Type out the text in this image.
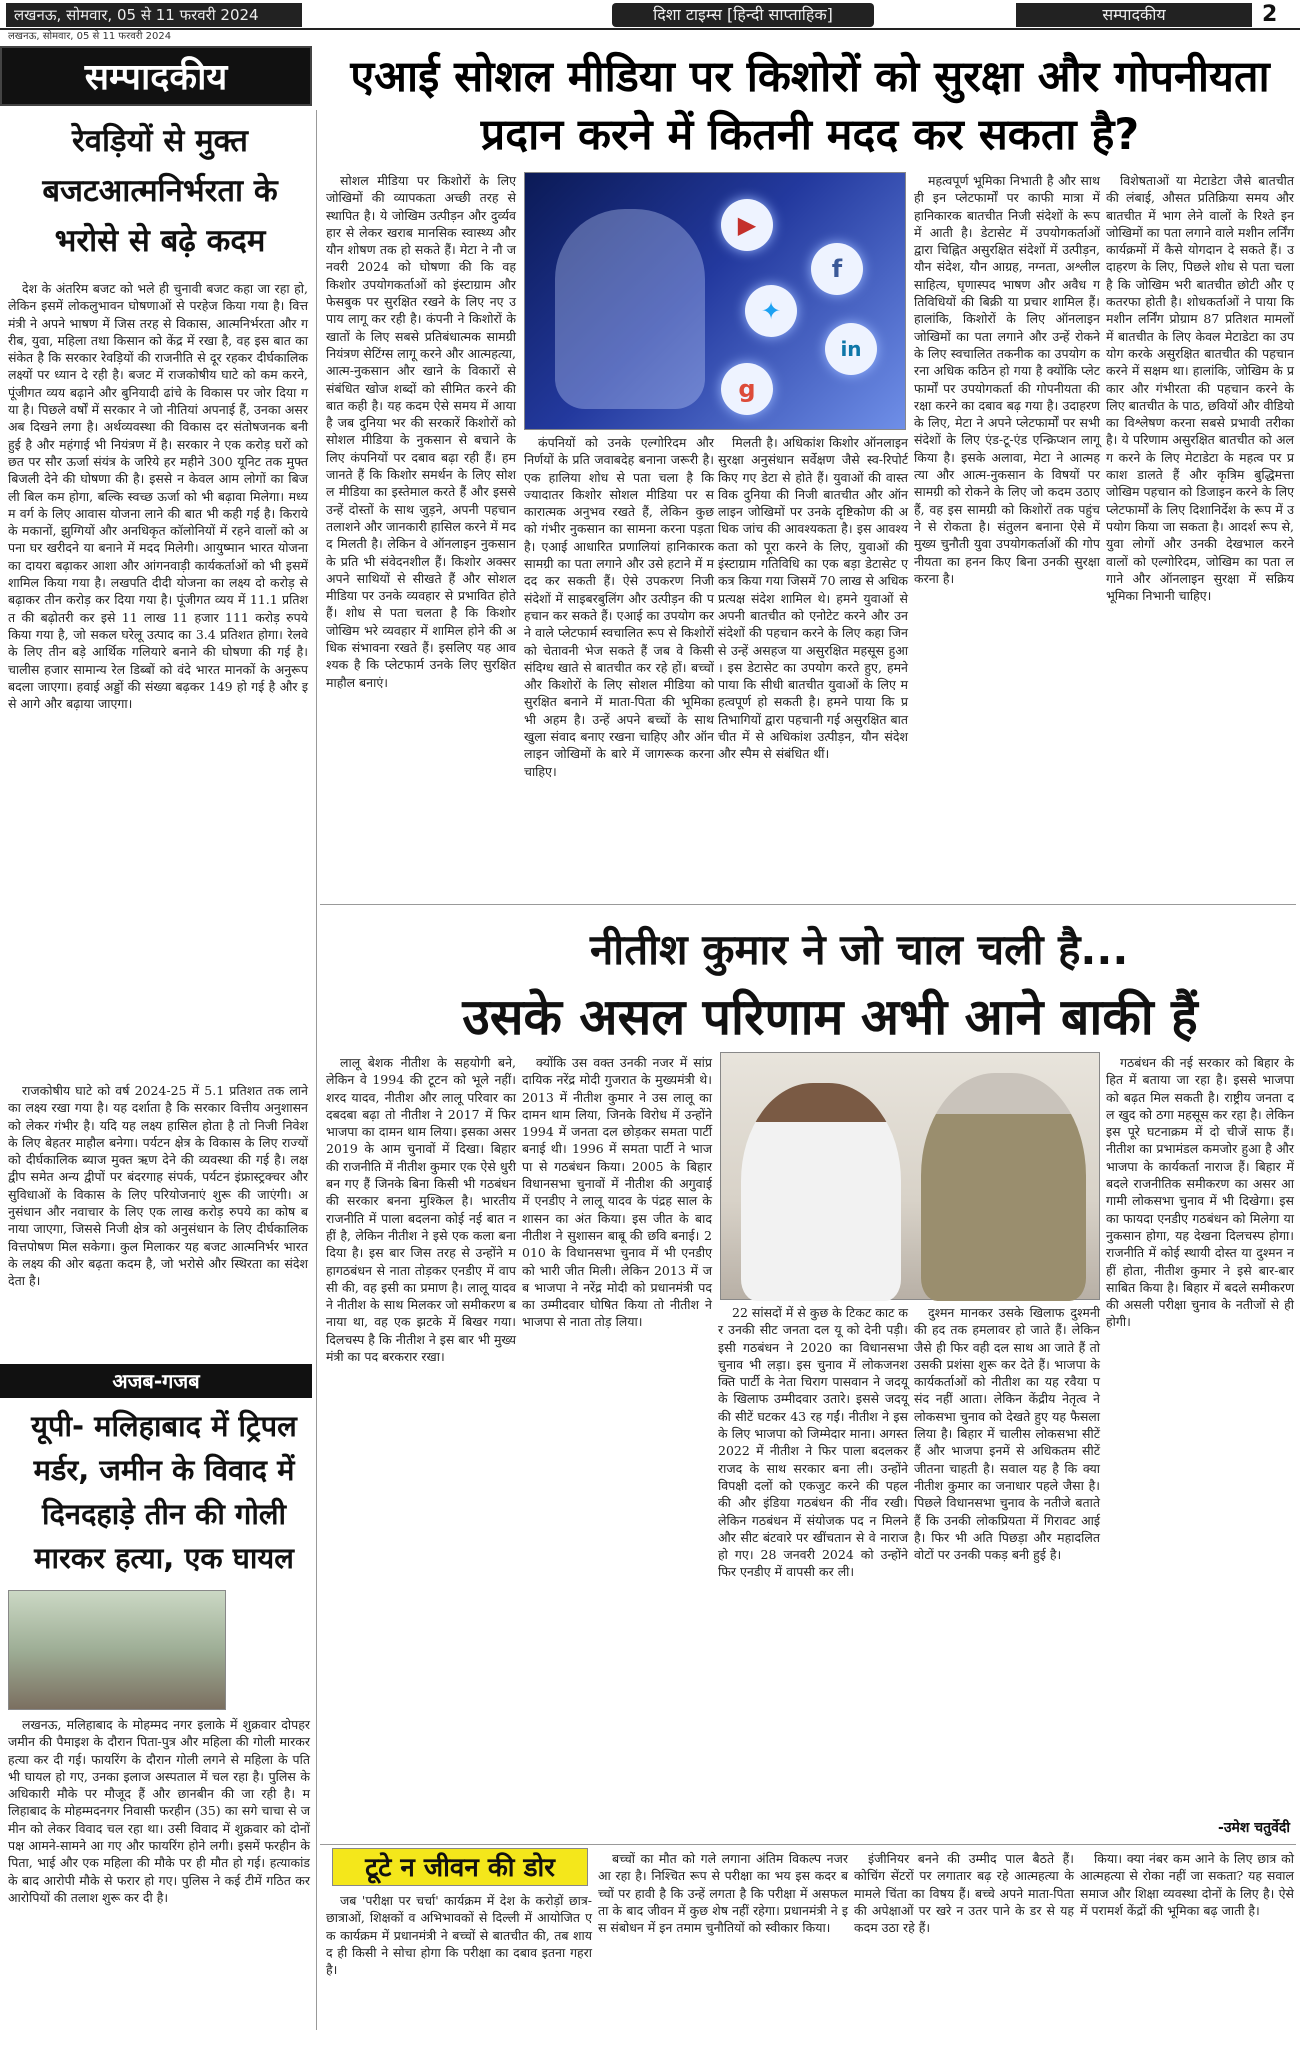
लखनऊ, सोमवार, 05 से 11 फरवरी 2024	दिशा टाइम्स [हिन्दी साप्ताहिक]	सम्पादकीय	2
लखनऊ, सोमवार, 05 से 11 फरवरी 2024
सम्पादकीय	एआई सोशल मीडिया पर किशोरों को सुरक्षा और गोपनीयता प्रदान करने में कितनी मदद कर सकता है?
रेवड़ियों से मुक्त बजटआत्मनिर्भरता के भरोसे से बढ़े कदम

देश के अंतरिम बजट को भले ही चुनावी बजट कहा जा रहा हो, लेकिन इसमें लोकलुभावन घोषणाओं से परहेज किया गया है। वित्त मंत्री ने अपने भाषण में जिस तरह से विकास, आत्मनिर्भरता और गरीब, युवा, महिला तथा किसान को केंद्र में रखा है, वह इस बात का संकेत है कि सरकार रेवड़ियों की राजनीति से दूर रहकर दीर्घकालिक लक्ष्यों पर ध्यान दे रही है। बजट में राजकोषीय घाटे को कम करने, पूंजीगत व्यय बढ़ाने और बुनियादी ढांचे के विकास पर जोर दिया गया है। पिछले वर्षों में सरकार ने जो नीतियां अपनाई हैं, उनका असर अब दिखने लगा है। अर्थव्यवस्था की विकास दर संतोषजनक बनी हुई है और महंगाई भी नियंत्रण में है। सरकार ने एक करोड़ घरों को छत पर सौर ऊर्जा संयंत्र के जरिये हर महीने 300 यूनिट तक मुफ्त बिजली देने की घोषणा की है। इससे न केवल आम लोगों का बिजली बिल कम होगा, बल्कि स्वच्छ ऊर्जा को भी बढ़ावा मिलेगा। मध्यम वर्ग के लिए आवास योजना लाने की बात भी कही गई है। किराये के मकानों, झुग्गियों और अनधिकृत कॉलोनियों में रहने वालों को अपना घर खरीदने या बनाने में मदद मिलेगी। आयुष्मान भारत योजना का दायरा बढ़ाकर आशा और आंगनवाड़ी कार्यकर्ताओं को भी इसमें शामिल किया गया है। लखपति दीदी योजना का लक्ष्य दो करोड़ से बढ़ाकर तीन करोड़ कर दिया गया है। पूंजीगत व्यय में 11.1 प्रतिशत की बढ़ोतरी कर इसे 11 लाख 11 हजार 111 करोड़ रुपये किया गया है, जो सकल घरेलू उत्पाद का 3.4 प्रतिशत होगा। रेलवे के लिए तीन बड़े आर्थिक गलियारे बनाने की घोषणा की गई है। चालीस हजार सामान्य रेल डिब्बों को वंदे भारत मानकों के अनुरूप बदला जाएगा। हवाई अड्डों की संख्या बढ़कर 149 हो गई है और इसे आगे और बढ़ाया जाएगा।

राजकोषीय घाटे को वर्ष 2024-25 में 5.1 प्रतिशत तक लाने का लक्ष्य रखा गया है। यह दर्शाता है कि सरकार वित्तीय अनुशासन को लेकर गंभीर है। यदि यह लक्ष्य हासिल होता है तो निजी निवेश के लिए बेहतर माहौल बनेगा। पर्यटन क्षेत्र के विकास के लिए राज्यों को दीर्घकालिक ब्याज मुक्त ऋण देने की व्यवस्था की गई है। लक्षद्वीप समेत अन्य द्वीपों पर बंदरगाह संपर्क, पर्यटन इंफ्रास्ट्रक्चर और सुविधाओं के विकास के लिए परियोजनाएं शुरू की जाएंगी। अनुसंधान और नवाचार के लिए एक लाख करोड़ रुपये का कोष बनाया जाएगा, जिससे निजी क्षेत्र को अनुसंधान के लिए दीर्घकालिक वित्तपोषण मिल सकेगा। कुल मिलाकर यह बजट आत्मनिर्भर भारत के लक्ष्य की ओर बढ़ता कदम है, जो भरोसे और स्थिरता का संदेश देता है।

सोशल मीडिया पर किशोरों के लिए जोखिमों की व्यापकता अच्छी तरह से स्थापित है। ये जोखिम उत्पीड़न और दुर्व्यवहार से लेकर खराब मानसिक स्वास्थ्य और यौन शोषण तक हो सकते हैं। मेटा ने नौ जनवरी 2024 को घोषणा की कि वह किशोर उपयोगकर्ताओं को इंस्टाग्राम और फेसबुक पर सुरक्षित रखने के लिए नए उपाय लागू कर रही है। कंपनी ने किशोरों के खातों के लिए सबसे प्रतिबंधात्मक सामग्री नियंत्रण सेटिंग्स लागू करने और आत्महत्या, आत्म-नुकसान और खाने के विकारों से संबंधित खोज शब्दों को सीमित करने की बात कही है। यह कदम ऐसे समय में आया है जब दुनिया भर की सरकारें किशोरों को सोशल मीडिया के नुकसान से बचाने के लिए कंपनियों पर दबाव बढ़ा रही हैं। हम जानते हैं कि किशोर समर्थन के लिए सोशल मीडिया का इस्तेमाल करते हैं और इससे उन्हें दोस्तों के साथ जुड़ने, अपनी पहचान तलाशने और जानकारी हासिल करने में मदद मिलती है। लेकिन वे ऑनलाइन नुकसान के प्रति भी संवेदनशील हैं। किशोर अक्सर अपने साथियों से सीखते हैं और सोशल मीडिया पर उनके व्यवहार से प्रभावित होते हैं। शोध से पता चलता है कि किशोर जोखिम भरे व्यवहार में शामिल होने की अधिक संभावना रखते हैं। इसलिए यह आवश्यक है कि प्लेटफार्म उनके लिए सुरक्षित माहौल बनाएं।

▶
f
in
✦
g

कंपनियों को उनके एल्गोरिदम और निर्णयों के प्रति जवाबदेह बनाना जरूरी है। एक हालिया शोध से पता चला है कि ज्यादातर किशोर सोशल मीडिया पर सकारात्मक अनुभव रखते हैं, लेकिन कुछ को गंभीर नुकसान का सामना करना पड़ता है। एआई आधारित प्रणालियां हानिकारक सामग्री का पता लगाने और उसे हटाने में मदद कर सकती हैं। ऐसे उपकरण निजी संदेशों में साइबरबुलिंग और उत्पीड़न की पहचान कर सकते हैं। एआई का उपयोग करने वाले प्लेटफार्म स्वचालित रूप से किशोरों को चेतावनी भेज सकते हैं जब वे किसी संदिग्ध खाते से बातचीत कर रहे हों। बच्चों और किशोरों के लिए सोशल मीडिया को सुरक्षित बनाने में माता-पिता की भूमिका भी अहम है। उन्हें अपने बच्चों के साथ खुला संवाद बनाए रखना चाहिए और ऑनलाइन जोखिमों के बारे में जागरूक करना चाहिए।

मिलती है। अधिकांश किशोर ऑनलाइन सुरक्षा अनुसंधान सर्वेक्षण जैसे स्व-रिपोर्ट किए गए डेटा से होते हैं। युवाओं की वास्तविक दुनिया की निजी बातचीत और ऑनलाइन जोखिमों पर उनके दृष्टिकोण की अधिक जांच की आवश्यकता है। इस आवश्यकता को पूरा करने के लिए, युवाओं की इंस्टाग्राम गतिविधि का एक बड़ा डेटासेट एकत्र किया गया जिसमें 70 लाख से अधिक प्रत्यक्ष संदेश शामिल थे। हमने युवाओं से अपनी बातचीत को एनोटेट करने और उन संदेशों की पहचान करने के लिए कहा जिनसे उन्हें असहज या असुरक्षित महसूस हुआ। इस डेटासेट का उपयोग करते हुए, हमने पाया कि सीधी बातचीत युवाओं के लिए महत्वपूर्ण हो सकती है। हमने पाया कि प्रतिभागियों द्वारा पहचानी गई असुरक्षित बातचीत में से अधिकांश उत्पीड़न, यौन संदेश और स्पैम से संबंधित थीं।

महत्वपूर्ण भूमिका निभाती है और साथ ही इन प्लेटफार्मों पर काफी मात्रा में हानिकारक बातचीत निजी संदेशों के रूप में आती है। डेटासेट में उपयोगकर्ताओं द्वारा चिह्नित असुरक्षित संदेशों में उत्पीड़न, यौन संदेश, यौन आग्रह, नग्नता, अश्लील साहित्य, घृणास्पद भाषण और अवैध गतिविधियों की बिक्री या प्रचार शामिल हैं। हालांकि, किशोरों के लिए ऑनलाइन जोखिमों का पता लगाने और उन्हें रोकने के लिए स्वचालित तकनीक का उपयोग करना अधिक कठिन हो गया है क्योंकि प्लेटफार्मों पर उपयोगकर्ता की गोपनीयता की रक्षा करने का दबाव बढ़ गया है। उदाहरण के लिए, मेटा ने अपने प्लेटफार्मों पर सभी संदेशों के लिए एंड-टू-एंड एन्क्रिप्शन लागू किया है। इसके अलावा, मेटा ने आत्महत्या और आत्म-नुकसान के विषयों पर सामग्री को रोकने के लिए जो कदम उठाए हैं, वह इस सामग्री को किशोरों तक पहुंचने से रोकता है। संतुलन बनाना ऐसे में मुख्य चुनौती युवा उपयोगकर्ताओं की गोपनीयता का हनन किए बिना उनकी सुरक्षा करना है।

विशेषताओं या मेटाडेटा जैसे बातचीत की लंबाई, औसत प्रतिक्रिया समय और बातचीत में भाग लेने वालों के रिश्ते इन जोखिमों का पता लगाने वाले मशीन लर्निंग कार्यक्रमों में कैसे योगदान दे सकते हैं। उदाहरण के लिए, पिछले शोध से पता चला है कि जोखिम भरी बातचीत छोटी और एकतरफा होती है। शोधकर्ताओं ने पाया कि मशीन लर्निंग प्रोग्राम 87 प्रतिशत मामलों में बातचीत के लिए केवल मेटाडेटा का उपयोग करके असुरक्षित बातचीत की पहचान करने में सक्षम था। हालांकि, जोखिम के प्रकार और गंभीरता की पहचान करने के लिए बातचीत के पाठ, छवियों और वीडियो का विश्लेषण करना सबसे प्रभावी तरीका है। ये परिणाम असुरक्षित बातचीत को अलग करने के लिए मेटाडेटा के महत्व पर प्रकाश डालते हैं और कृत्रिम बुद्धिमत्ता जोखिम पहचान को डिजाइन करने के लिए प्लेटफार्मों के लिए दिशानिर्देश के रूप में उपयोग किया जा सकता है। आदर्श रूप से, युवा लोगों और उनकी देखभाल करने वालों को एल्गोरिदम, जोखिम का पता लगाने और ऑनलाइन सुरक्षा में सक्रिय भूमिका निभानी चाहिए।

नीतीश कुमार ने जो चाल चली है...
उसके असल परिणाम अभी आने बाकी हैं

लालू बेशक नीतीश के सहयोगी बने, लेकिन वे 1994 की टूटन को भूले नहीं। शरद यादव, नीतीश और लालू परिवार का दबदबा बढ़ा तो नीतीश ने 2017 में फिर भाजपा का दामन थाम लिया। इसका असर 2019 के आम चुनावों में दिखा। बिहार की राजनीति में नीतीश कुमार एक ऐसे धुरी बन गए हैं जिनके बिना किसी भी गठबंधन की सरकार बनना मुश्किल है। भारतीय राजनीति में पाला बदलना कोई नई बात नहीं है, लेकिन नीतीश ने इसे एक कला बना दिया है। इस बार जिस तरह से उन्होंने महागठबंधन से नाता तोड़कर एनडीए में वापसी की, वह इसी का प्रमाण है। लालू यादव ने नीतीश के साथ मिलकर जो समीकरण बनाया था, वह एक झटके में बिखर गया। दिलचस्प है कि नीतीश ने इस बार भी मुख्यमंत्री का पद बरकरार रखा।

क्योंकि उस वक्त उनकी नजर में सांप्रदायिक नरेंद्र मोदी गुजरात के मुख्यमंत्री थे। 2013 में नीतीश कुमार ने उस लालू का दामन थाम लिया, जिनके विरोध में उन्होंने 1994 में जनता दल छोड़कर समता पार्टी बनाई थी। 1996 में समता पार्टी ने भाजपा से गठबंधन किया। 2005 के बिहार विधानसभा चुनावों में नीतीश की अगुवाई में एनडीए ने लालू यादव के पंद्रह साल के शासन का अंत किया। इस जीत के बाद नीतीश ने सुशासन बाबू की छवि बनाई। 2010 के विधानसभा चुनाव में भी एनडीए को भारी जीत मिली। लेकिन 2013 में जब भाजपा ने नरेंद्र मोदी को प्रधानमंत्री पद का उम्मीदवार घोषित किया तो नीतीश ने भाजपा से नाता तोड़ लिया।

22 सांसदों में से कुछ के टिकट काट कर उनकी सीट जनता दल यू को देनी पड़ी। इसी गठबंधन ने 2020 का विधानसभा चुनाव भी लड़ा। इस चुनाव में लोकजनशक्ति पार्टी के नेता चिराग पासवान ने जदयू के खिलाफ उम्मीदवार उतारे। इससे जदयू की सीटें घटकर 43 रह गईं। नीतीश ने इसके लिए भाजपा को जिम्मेदार माना। अगस्त 2022 में नीतीश ने फिर पाला बदलकर राजद के साथ सरकार बना ली। उन्होंने विपक्षी दलों को एकजुट करने की पहल की और इंडिया गठबंधन की नींव रखी। लेकिन गठबंधन में संयोजक पद न मिलने और सीट बंटवारे पर खींचतान से वे नाराज हो गए। 28 जनवरी 2024 को उन्होंने फिर एनडीए में वापसी कर ली।

दुश्मन मानकर उसके खिलाफ दुश्मनी की हद तक हमलावर हो जाते हैं। लेकिन जैसे ही फिर वही दल साथ आ जाते हैं तो उसकी प्रशंसा शुरू कर देते हैं। भाजपा के कार्यकर्ताओं को नीतीश का यह रवैया पसंद नहीं आता। लेकिन केंद्रीय नेतृत्व ने लोकसभा चुनाव को देखते हुए यह फैसला लिया है। बिहार में चालीस लोकसभा सीटें हैं और भाजपा इनमें से अधिकतम सीटें जीतना चाहती है। सवाल यह है कि क्या नीतीश कुमार का जनाधार पहले जैसा है। पिछले विधानसभा चुनाव के नतीजे बताते हैं कि उनकी लोकप्रियता में गिरावट आई है। फिर भी अति पिछड़ा और महादलित वोटों पर उनकी पकड़ बनी हुई है।

गठबंधन की नई सरकार को बिहार के हित में बताया जा रहा है। इससे भाजपा को बढ़त मिल सकती है। राष्ट्रीय जनता दल खुद को ठगा महसूस कर रहा है। लेकिन इस पूरे घटनाक्रम में दो चीजें साफ हैं। नीतीश का प्रभामंडल कमजोर हुआ है और भाजपा के कार्यकर्ता नाराज हैं। बिहार में बदले राजनीतिक समीकरण का असर आगामी लोकसभा चुनाव में भी दिखेगा। इसका फायदा एनडीए गठबंधन को मिलेगा या नुकसान होगा, यह देखना दिलचस्प होगा। राजनीति में कोई स्थायी दोस्त या दुश्मन नहीं होता, नीतीश कुमार ने इसे बार-बार साबित किया है। बिहार में बदले समीकरण की असली परीक्षा चुनाव के नतीजों से ही होगी।

-उमेश चतुर्वेदी
अजब-गजब
यूपी- मलिहाबाद में ट्रिपल मर्डर, जमीन के विवाद में दिनदहाड़े तीन की गोली मारकर हत्या, एक घायल

लखनऊ, मलिहाबाद के मोहम्मद नगर इलाके में शुक्रवार दोपहर जमीन की पैमाइश के दौरान पिता-पुत्र और महिला की गोली मारकर हत्या कर दी गई। फायरिंग के दौरान गोली लगने से महिला के पति भी घायल हो गए, उनका इलाज अस्पताल में चल रहा है। पुलिस के अधिकारी मौके पर मौजूद हैं और छानबीन की जा रही है। मलिहाबाद के मोहम्मदनगर निवासी फरहीन (35) का सगे चाचा से जमीन को लेकर विवाद चल रहा था। उसी विवाद में शुक्रवार को दोनों पक्ष आमने-सामने आ गए और फायरिंग होने लगी। इसमें फरहीन के पिता, भाई और एक महिला की मौके पर ही मौत हो गई। हत्याकांड के बाद आरोपी मौके से फरार हो गए। पुलिस ने कई टीमें गठित कर आरोपियों की तलाश शुरू कर दी है।

टूटे न जीवन की डोर

जब 'परीक्षा पर चर्चा' कार्यक्रम में देश के करोड़ों छात्र-छात्राओं, शिक्षकों व अभिभावकों से दिल्ली में आयोजित एक कार्यक्रम में प्रधानमंत्री ने बच्चों से बातचीत की, तब शायद ही किसी ने सोचा होगा कि परीक्षा का दबाव इतना गहरा है।

बच्चों का मौत को गले लगाना अंतिम विकल्प नजर आ रहा है। निश्चित रूप से परीक्षा का भय इस कदर बच्चों पर हावी है कि उन्हें लगता है कि परीक्षा में असफलता के बाद जीवन में कुछ शेष नहीं रहेगा। प्रधानमंत्री ने इस संबोधन में इन तमाम चुनौतियों को स्वीकार किया।

इंजीनियर बनने की उम्मीद पाल बैठते हैं। कोचिंग सेंटरों पर लगातार बढ़ रहे आत्महत्या के मामले चिंता का विषय हैं। बच्चे अपने माता-पिता की अपेक्षाओं पर खरे न उतर पाने के डर से यह कदम उठा रहे हैं।

किया। क्या नंबर कम आने के लिए छात्र को आत्महत्या से रोका नहीं जा सकता? यह सवाल समाज और शिक्षा व्यवस्था दोनों के लिए है। ऐसे में परामर्श केंद्रों की भूमिका बढ़ जाती है।
